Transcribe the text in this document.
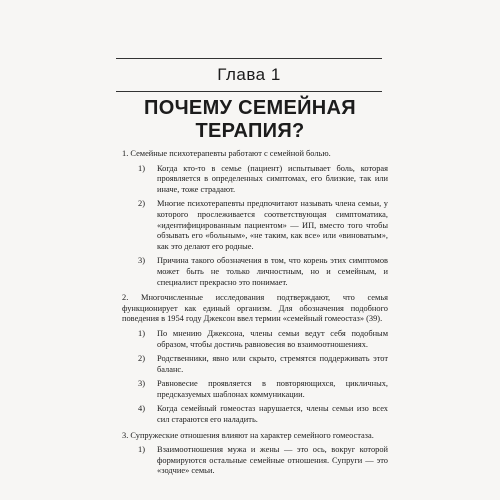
Глава 1
ПОЧЕМУ СЕМЕЙНАЯ
ТЕРАПИЯ?

1. Семейные психотерапевты работают с семейной болью.

1) Когда кто-то в семье (пациент) испытывает боль, которая проявляется в определенных симптомах, его близкие, так или иначе, тоже страдают.
2) Многие психотерапевты предпочитают называть члена семьи, у которого прослеживается соответствующая симптоматика, «идентифицированным пациентом» — ИП, вместо того чтобы обзывать его «больным», «не таким, как все» или «виноватым», как это делают его родные.
3) Причина такого обозначения в том, что корень этих симптомов может быть не только личностным, но и семейным, и специалист прекрасно это понимает.

2. Многочисленные исследования подтверждают, что семья функционирует как единый организм. Для обозначения подобного поведения в 1954 году Джексон ввел термин «семейный гомеостаз» (39).

1) По мнению Джексона, члены семьи ведут себя подобным образом, чтобы достичь равновесия во взаимоотношениях.
2) Родственники, явно или скрыто, стремятся поддерживать этот баланс.
3) Равновесие проявляется в повторяющихся, цикличных, предсказуемых шаблонах коммуникации.
4) Когда семейный гомеостаз нарушается, члены семьи изо всех сил стараются его наладить.

3. Супружеские отношения влияют на характер семейного гомеостаза.

1) Взаимоотношения мужа и жены — это ось, вокруг которой формируются остальные семейные отношения. Супруги — это «зодчие» семьи.
